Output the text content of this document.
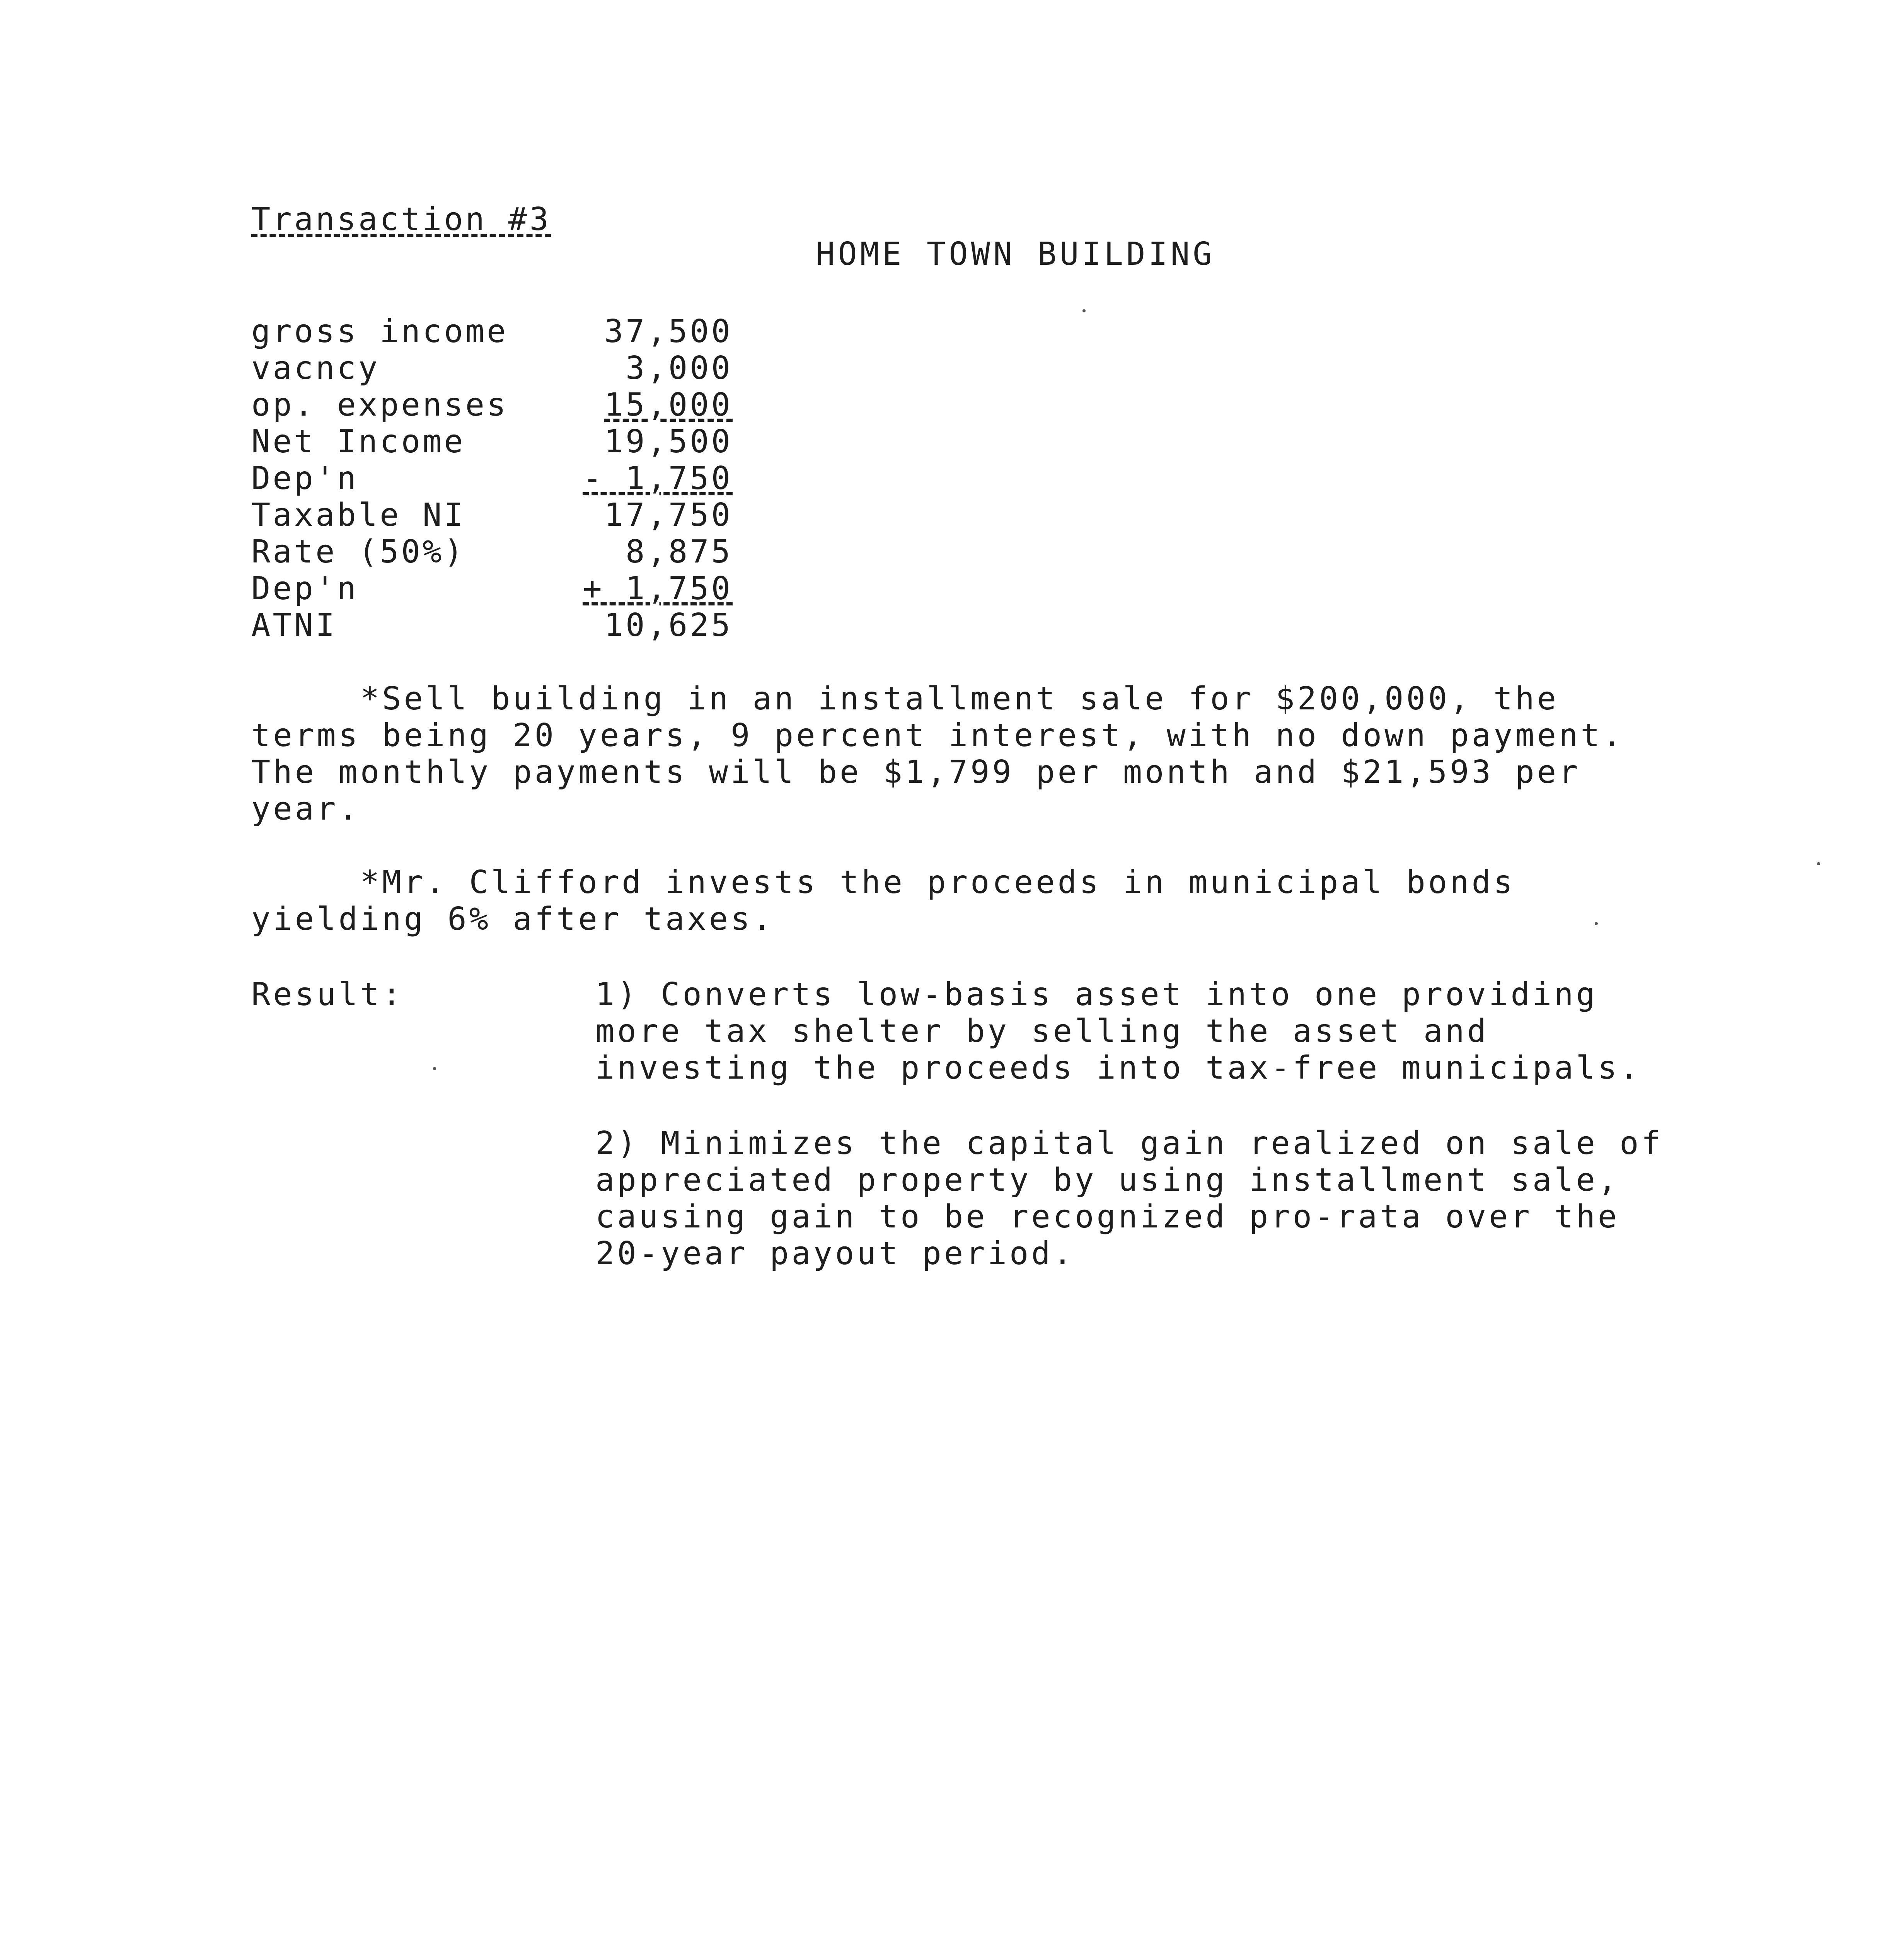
Transaction #3
HOME TOWN BUILDING
gross income	37,500
vacncy	3,000
op. expenses	15,000
Net Income	19,500
Dep'n	- 1,750
Taxable NI	17,750
Rate (50%)	8,875
Dep'n	+ 1,750
ATNI	10,625
*Sell building in an installment sale for $200,000, the
terms being 20 years, 9 percent interest, with no down payment.
The monthly payments will be $1,799 per month and $21,593 per
year.
*Mr. Clifford invests the proceeds in municipal bonds
yielding 6% after taxes.
Result:	1) Converts low-basis asset into one providing
more tax shelter by selling the asset and
investing the proceeds into tax-free municipals.
2) Minimizes the capital gain realized on sale of
appreciated property by using installment sale,
causing gain to be recognized pro-rata over the
20-year payout period.
